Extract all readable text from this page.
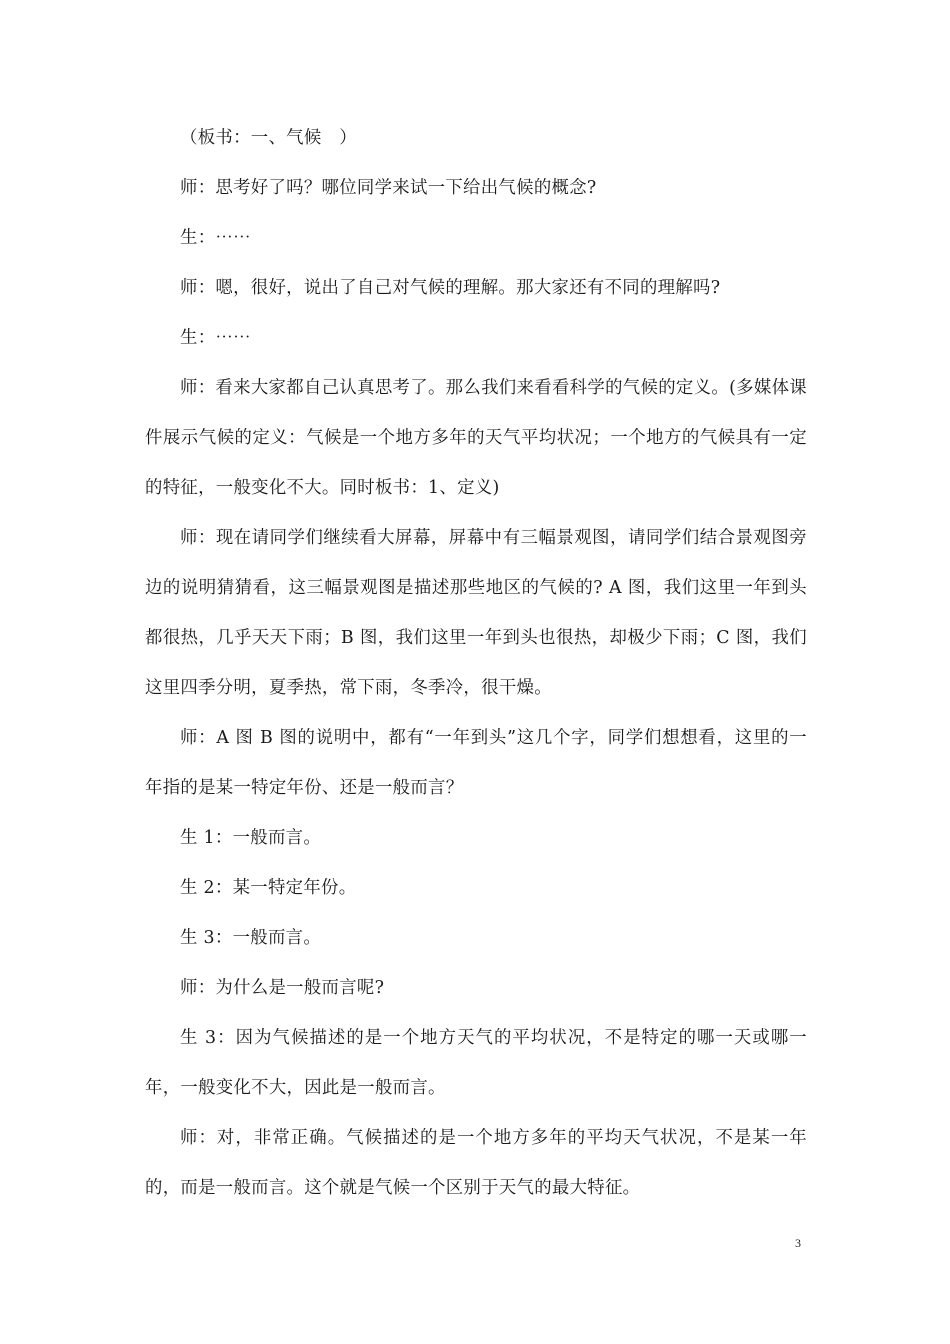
（板书：一、气候　）

师：思考好了吗？哪位同学来试一下给出气候的概念?

生：⋯⋯

师：嗯，很好，说出了自己对气候的理解。那大家还有不同的理解吗?

生：⋯⋯

师：看来大家都自己认真思考了。那么我们来看看科学的气候的定义。(多媒体课件展示气候的定义：气候是一个地方多年的天气平均状况；一个地方的气候具有一定的特征，一般变化不大。同时板书：1、定义)

师：现在请同学们继续看大屏幕，屏幕中有三幅景观图，请同学们结合景观图旁边的说明猜猜看，这三幅景观图是描述那些地区的气候的? A 图，我们这里一年到头都很热，几乎天天下雨；B 图，我们这里一年到头也很热，却极少下雨；C 图，我们这里四季分明，夏季热，常下雨，冬季冷，很干燥。

师：A 图 B 图的说明中，都有“一年到头”这几个字，同学们想想看，这里的一年指的是某一特定年份、还是一般而言？

生 1：一般而言。

生 2：某一特定年份。

生 3：一般而言。

师：为什么是一般而言呢?

生 3：因为气候描述的是一个地方天气的平均状况，不是特定的哪一天或哪一年，一般变化不大，因此是一般而言。

师：对，非常正确。气候描述的是一个地方多年的平均天气状况，不是某一年的，而是一般而言。这个就是气候一个区别于天气的最大特征。

3
